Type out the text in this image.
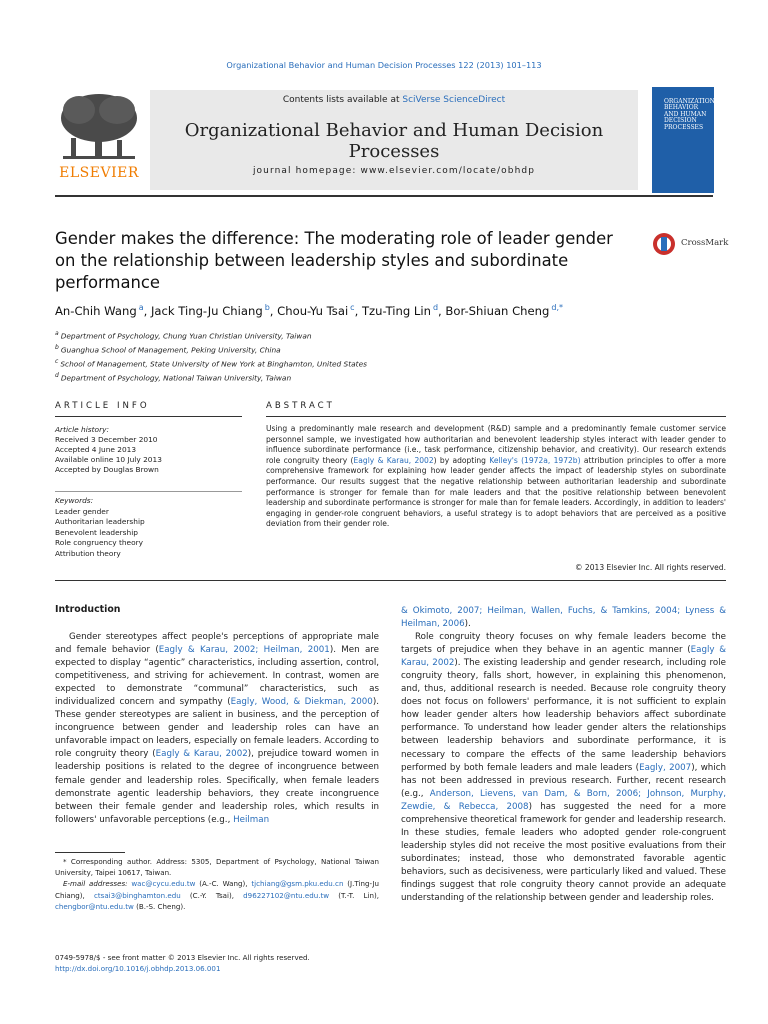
Organizational Behavior and Human Decision Processes 122 (2013) 101–113
Contents lists available at SciVerse ScienceDirect
Organizational Behavior and Human Decision Processes
journal homepage: www.elsevier.com/locate/obhdp
ELSEVIER
ORGANIZATIONAL BEHAVIOR AND HUMAN DECISION PROCESSES
Gender makes the difference: The moderating role of leader gender on the relationship between leadership styles and subordinate performance
CrossMark
An-Chih Wang $^a$, Jack Ting-Ju Chiang $^b$, Chou-Yu Tsai $^c$, Tzu-Ting Lin $^d$, Bor-Shiuan Cheng $^{d,*}$
$^a$ Department of Psychology, Chung Yuan Christian University, Taiwan
$^b$ Guanghua School of Management, Peking University, China
$^c$ School of Management, State University of New York at Binghamton, United States
$^d$ Department of Psychology, National Taiwan University, Taiwan
ARTICLE INFO	ABSTRACT
Article history:
Received 3 December 2010
Accepted 4 June 2013
Available online 10 July 2013
Accepted by Douglas Brown
Keywords:
Leader gender
Authoritarian leadership
Benevolent leadership
Role congruency theory
Attribution theory
Using a predominantly male research and development (R&D) sample and a predominantly female customer service personnel sample, we investigated how authoritarian and benevolent leadership styles interact with leader gender to influence subordinate performance (i.e., task performance, citizenship behavior, and creativity). Our research extends role congruity theory (Eagly & Karau, 2002) by adopting Kelley's (1972a, 1972b) attribution principles to offer a more comprehensive framework for explaining how leader gender affects the impact of leadership styles on subordinate performance. Our results suggest that the negative relationship between authoritarian leadership and subordinate performance is stronger for female than for male leaders and that the positive relationship between benevolent leadership and subordinate performance is stronger for male than for female leaders. Accordingly, in addition to leaders' engaging in gender-role congruent behaviors, a useful strategy is to adopt behaviors that are perceived as a positive deviation from their gender role.
© 2013 Elsevier Inc. All rights reserved.
Introduction

Gender stereotypes affect people's perceptions of appropriate male and female behavior (Eagly & Karau, 2002; Heilman, 2001). Men are expected to display “agentic” characteristics, including assertion, control, competitiveness, and striving for achievement. In contrast, women are expected to demonstrate “communal” characteristics, such as individualized concern and sympathy (Eagly, Wood, & Diekman, 2000). These gender stereotypes are salient in business, and the perception of incongruence between gender and leadership roles can have an unfavorable impact on leaders, especially on female leaders. According to role congruity theory (Eagly & Karau, 2002), prejudice toward women in leadership positions is related to the degree of incongruence between female gender and leadership roles. Specifically, when female leaders demonstrate agentic leadership behaviors, they create incongruence between their female gender and leadership roles, which results in followers' unfavorable perceptions (e.g., Heilman

& Okimoto, 2007; Heilman, Wallen, Fuchs, & Tamkins, 2004; Lyness & Heilman, 2006).

Role congruity theory focuses on why female leaders become the targets of prejudice when they behave in an agentic manner (Eagly & Karau, 2002). The existing leadership and gender research, including role congruity theory, falls short, however, in explaining this phenomenon, and, thus, additional research is needed. Because role congruity theory does not focus on followers' performance, it is not sufficient to explain how leader gender alters how leadership behaviors affect subordinate performance. To understand how leader gender alters the relationships between leadership behaviors and subordinate performance, it is necessary to compare the effects of the same leadership behaviors performed by both female leaders and male leaders (Eagly, 2007), which has not been addressed in previous research. Further, recent research (e.g., Anderson, Lievens, van Dam, & Born, 2006; Johnson, Murphy, Zewdie, & Rebecca, 2008) has suggested the need for a more comprehensive theoretical framework for gender and leadership research. In these studies, female leaders who adopted gender role-congruent leadership styles did not receive the most positive evaluations from their subordinates; instead, those who demonstrated favorable agentic behaviors, such as decisiveness, were particularly liked and valued. These findings suggest that role congruity theory cannot provide an adequate understanding of the relationship between gender and leadership roles.

* Corresponding author. Address: 5305, Department of Psychology, National Taiwan University, Taipei 10617, Taiwan.

E-mail addresses: wac@cycu.edu.tw (A.-C. Wang), tjchiang@gsm.pku.edu.cn (J.Ting-Ju Chiang), ctsai3@binghamton.edu (C.-Y. Tsai), d96227102@ntu.edu.tw (T.-T. Lin), chengbor@ntu.edu.tw (B.-S. Cheng).

0749-5978/$ - see front matter © 2013 Elsevier Inc. All rights reserved.
http://dx.doi.org/10.1016/j.obhdp.2013.06.001
